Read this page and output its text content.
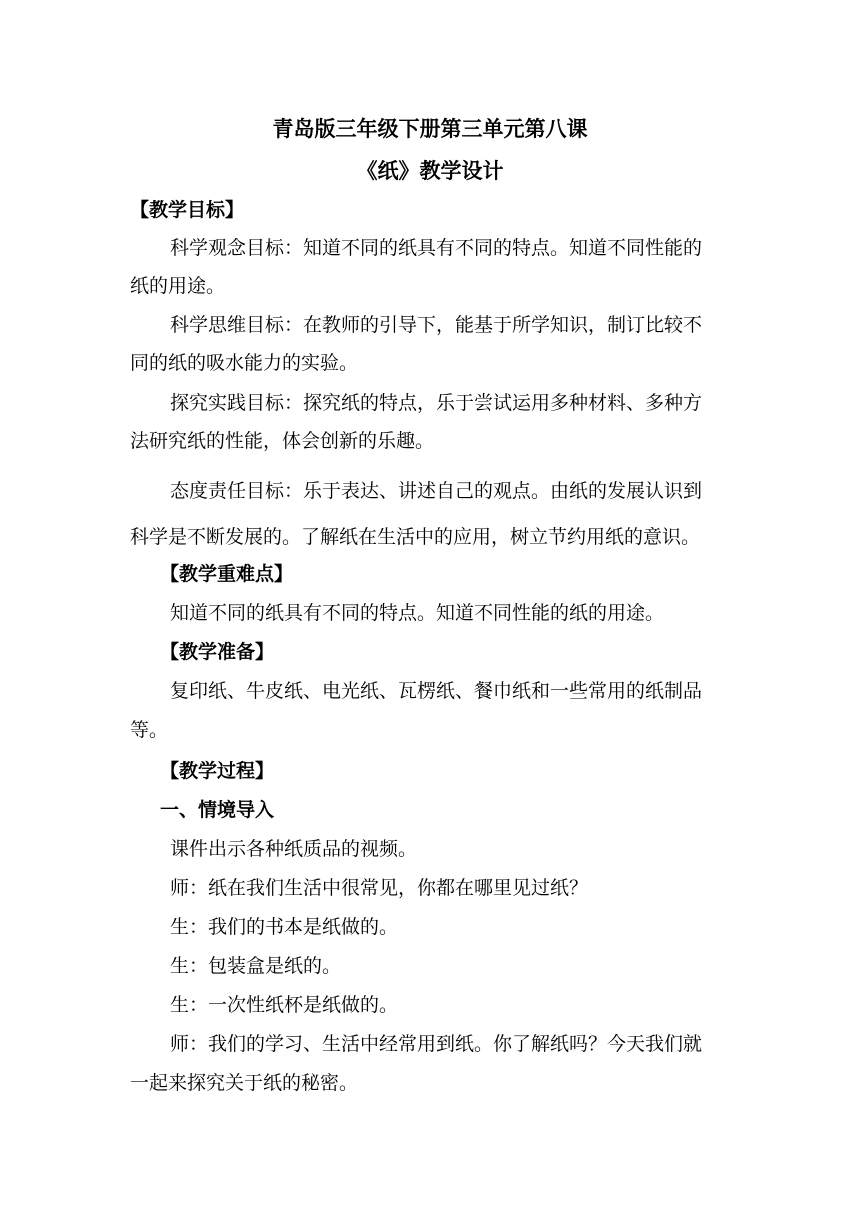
青岛版三年级下册第三单元第八课
《纸》教学设计
【教学目标】
科学观念目标：知道不同的纸具有不同的特点。知道不同性能的
纸的用途。
科学思维目标：在教师的引导下，能基于所学知识，制订比较不
同的纸的吸水能力的实验。
探究实践目标：探究纸的特点，乐于尝试运用多种材料、多种方
法研究纸的性能，体会创新的乐趣。
态度责任目标：乐于表达、讲述自己的观点。由纸的发展认识到
科学是不断发展的。了解纸在生活中的应用，树立节约用纸的意识。
【教学重难点】
知道不同的纸具有不同的特点。知道不同性能的纸的用途。
【教学准备】
复印纸、牛皮纸、电光纸、瓦楞纸、餐巾纸和一些常用的纸制品
等。
【教学过程】
一、情境导入
课件出示各种纸质品的视频。
师：纸在我们生活中很常见，你都在哪里见过纸？
生：我们的书本是纸做的。
生：包装盒是纸的。
生：一次性纸杯是纸做的。
师：我们的学习、生活中经常用到纸。你了解纸吗？今天我们就
一起来探究关于纸的秘密。
